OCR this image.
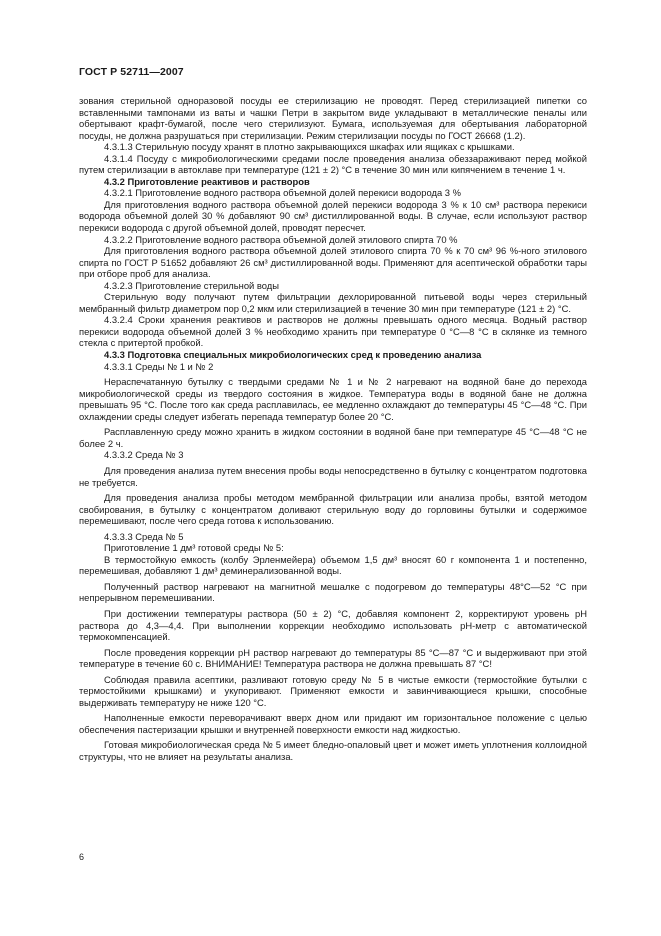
ГОСТ Р 52711—2007

зования стерильной одноразовой посуды ее стерилизацию не проводят. Перед стерилизацией пипетки со вставленными тампонами из ваты и чашки Петри в закрытом виде укладывают в металлические пеналы или обертывают крафт-бумагой, после чего стерилизуют. Бумага, используемая для обертывания лабораторной посуды, не должна разрушаться при стерилизации. Режим стерилизации посуды по ГОСТ 26668 (1.2).

4.3.1.3 Стерильную посуду хранят в плотно закрывающихся шкафах или ящиках с крышками.

4.3.1.4 Посуду с микробиологическими средами после проведения анализа обеззараживают перед мойкой путем стерилизации в автоклаве при температуре (121 ± 2) °С в течение 30 мин или кипячением в течение 1 ч.

4.3.2 Приготовление реактивов и растворов

4.3.2.1 Приготовление водного раствора объемной долей перекиси водорода 3 %

Для приготовления водного раствора объемной долей перекиси водорода 3 % к 10 см³ раствора перекиси водорода объемной долей 30 % добавляют 90 см³ дистиллированной воды. В случае, если используют раствор перекиси водорода с другой объемной долей, проводят пересчет.

4.3.2.2 Приготовление водного раствора объемной долей этилового спирта 70 %

Для приготовления водного раствора объемной долей этилового спирта 70 % к 70 см³ 96 %-ного этилового спирта по ГОСТ Р 51652 добавляют 26 см³ дистиллированной воды. Применяют для асептической обработки тары при отборе проб для анализа.

4.3.2.3 Приготовление стерильной воды

Стерильную воду получают путем фильтрации дехлорированной питьевой воды через стерильный мембранный фильтр диаметром пор 0,2 мкм или стерилизацией в течение 30 мин при температуре (121 ± 2) °С.

4.3.2.4 Сроки хранения реактивов и растворов не должны превышать одного месяца. Водный раствор перекиси водорода объемной долей 3 % необходимо хранить при температуре 0 °С—8 °С в склянке из темного стекла с притертой пробкой.

4.3.3 Подготовка специальных микробиологических сред к проведению анализа

4.3.3.1 Среды № 1 и № 2

Нераспечатанную бутылку с твердыми средами № 1 и № 2 нагревают на водяной бане до перехода микробиологической среды из твердого состояния в жидкое. Температура воды в водяной бане не должна превышать 95 °С. После того как среда расплавилась, ее медленно охлаждают до температуры 45 °С—48 °С. При охлаждении среды следует избегать перепада температур более 20 °С.

Расплавленную среду можно хранить в жидком состоянии в водяной бане при температуре 45 °С—48 °С не более 2 ч.

4.3.3.2 Среда № 3

Для проведения анализа путем внесения пробы воды непосредственно в бутылку с концентратом подготовка не требуется.

Для проведения анализа пробы методом мембранной фильтрации или анализа пробы, взятой методом свобирования, в бутылку с концентратом доливают стерильную воду до горловины бутылки и содержимое перемешивают, после чего среда готова к использованию.

4.3.3.3 Среда № 5

Приготовление 1 дм³ готовой среды № 5:

В термостойкую емкость (колбу Эрленмейера) объемом 1,5 дм³ вносят 60 г компонента 1 и постепенно, перемешивая, добавляют 1 дм³ деминерализованной воды.

Полученный раствор нагревают на магнитной мешалке с подогревом до температуры 48°С—52 °С при непрерывном перемешивании.

При достижении температуры раствора (50 ± 2) °С, добавляя компонент 2, корректируют уровень pH раствора до 4,3—4,4. При выполнении коррекции необходимо использовать pH-метр с автоматической термокомпенсацией.

После проведения коррекции pH раствор нагревают до температуры 85 °С—87 °С и выдерживают при этой температуре в течение 60 с. ВНИМАНИЕ! Температура раствора не должна превышать 87 °С!

Соблюдая правила асептики, разливают готовую среду № 5 в чистые емкости (термостойкие бутылки с термостойкими крышками) и укупоривают. Применяют емкости и завинчивающиеся крышки, способные выдерживать температуру не ниже 120 °С.

Наполненные емкости переворачивают вверх дном или придают им горизонтальное положение с целью обеспечения пастеризации крышки и внутренней поверхности емкости над жидкостью.

Готовая микробиологическая среда № 5 имеет бледно-опаловый цвет и может иметь уплотнения коллоидной структуры, что не влияет на результаты анализа.

6
